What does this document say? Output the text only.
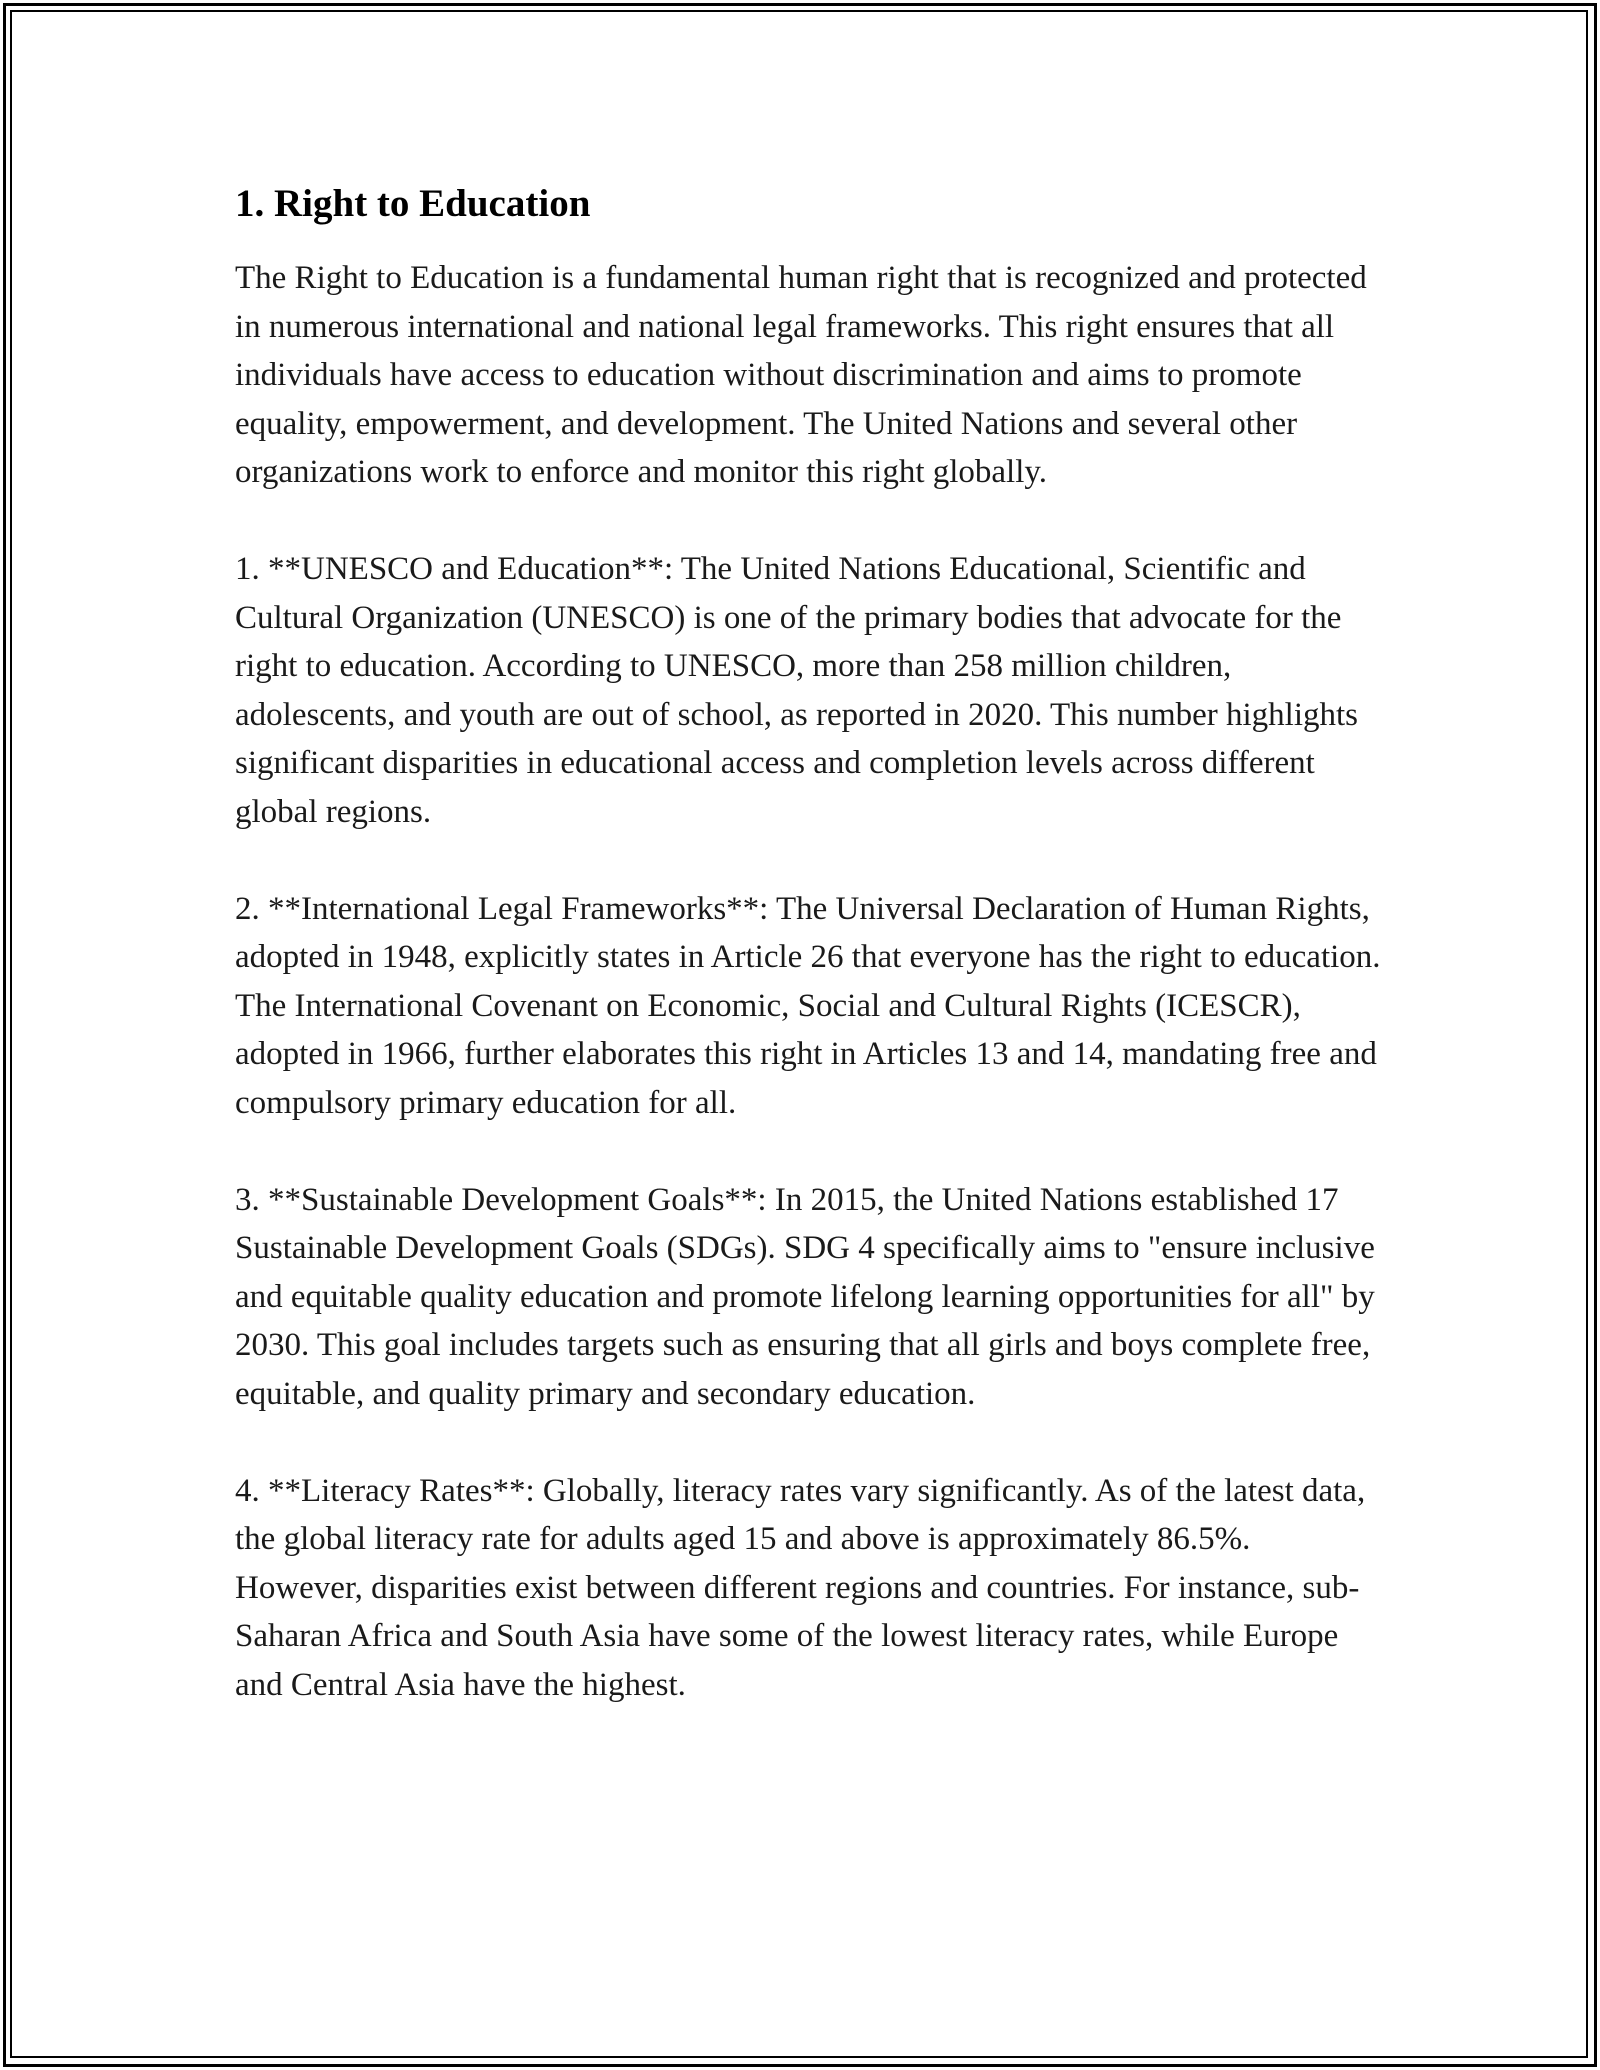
1. Right to Education

The Right to Education is a fundamental human right that is recognized and protected in numerous international and national legal frameworks. This right ensures that all individuals have access to education without discrimination and aims to promote equality, empowerment, and development. The United Nations and several other organizations work to enforce and monitor this right globally.

1. **UNESCO and Education**: The United Nations Educational, Scientific and Cultural Organization (UNESCO) is one of the primary bodies that advocate for the right to education. According to UNESCO, more than 258 million children, adolescents, and youth are out of school, as reported in 2020. This number highlights significant disparities in educational access and completion levels across different global regions.

2. **International Legal Frameworks**: The Universal Declaration of Human Rights, adopted in 1948, explicitly states in Article 26 that everyone has the right to education. The International Covenant on Economic, Social and Cultural Rights (ICESCR), adopted in 1966, further elaborates this right in Articles 13 and 14, mandating free and compulsory primary education for all.

3. **Sustainable Development Goals**: In 2015, the United Nations established 17 Sustainable Development Goals (SDGs). SDG 4 specifically aims to "ensure inclusive and equitable quality education and promote lifelong learning opportunities for all" by 2030. This goal includes targets such as ensuring that all girls and boys complete free, equitable, and quality primary and secondary education.

4. **Literacy Rates**: Globally, literacy rates vary significantly. As of the latest data, the global literacy rate for adults aged 15 and above is approximately 86.5%. However, disparities exist between different regions and countries. For instance, sub-Saharan Africa and South Asia have some of the lowest literacy rates, while Europe and Central Asia have the highest.
